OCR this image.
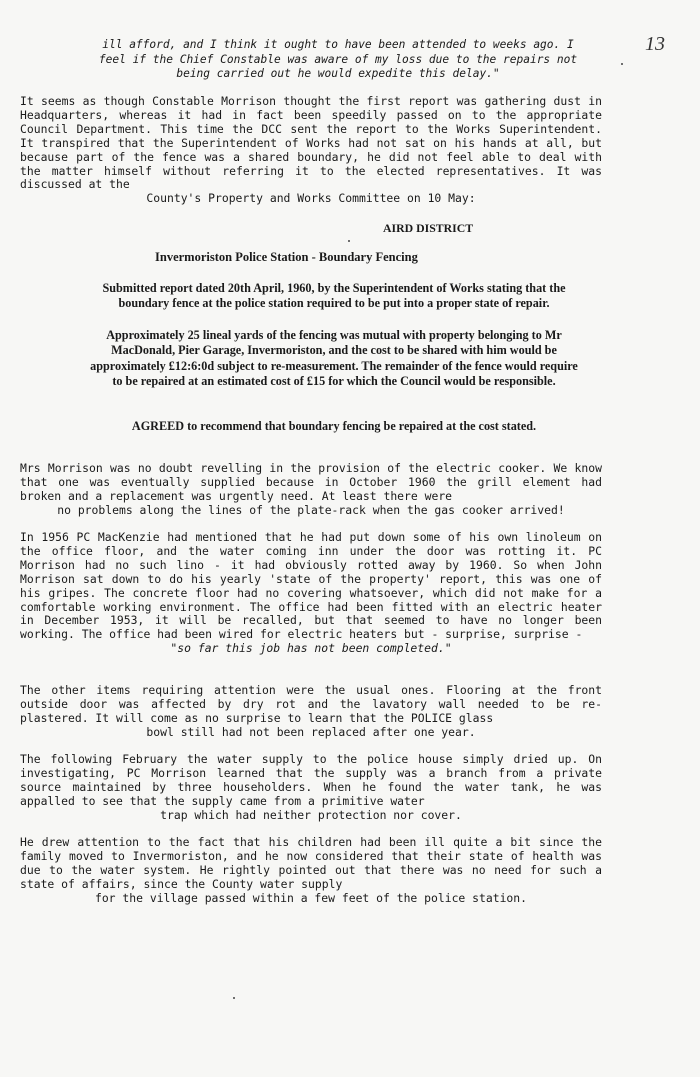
13
ill afford, and I think it ought to have been attended to weeks ago. I feel if the Chief Constable was aware of my loss due to the repairs not being carried out he would expedite this delay."
It seems as though Constable Morrison thought the first report was gathering dust in Headquarters, whereas it had in fact been speedily passed on to the appropriate Council Department. This time the DCC sent the report to the Works Superintendent. It transpired that the Superintendent of Works had not sat on his hands at all, but because part of the fence was a shared boundary, he did not feel able to deal with the matter himself without referring it to the elected representatives. It was discussed at the
County's Property and Works Committee on 10 May:
AIRD DISTRICT
Invermoriston Police Station - Boundary Fencing
Submitted report dated 20th April, 1960, by the Superintendent of Works stating that the boundary fence at the police station required to be put into a proper state of repair.
Approximately 25 lineal yards of the fencing was mutual with property belonging to Mr MacDonald, Pier Garage, Invermoriston, and the cost to be shared with him would be approximately £12:6:0d subject to re-measurement. The remainder of the fence would require to be repaired at an estimated cost of £15 for which the Council would be responsible.
AGREED to recommend that boundary fencing be repaired at the cost stated.
Mrs Morrison was no doubt revelling in the provision of the electric cooker. We know that one was eventually supplied because in October 1960 the grill element had broken and a replacement was urgently need. At least there were
no problems along the lines of the plate-rack when the gas cooker arrived!
In 1956 PC MacKenzie had mentioned that he had put down some of his own linoleum on the office floor, and the water coming inn under the door was rotting it. PC Morrison had no such lino - it had obviously rotted away by 1960. So when John Morrison sat down to do his yearly 'state of the property' report, this was one of his gripes. The concrete floor had no covering whatsoever, which did not make for a comfortable working environment. The office had been fitted with an electric heater in December 1953, it will be recalled, but that seemed to have no longer been working. The office had been wired for electric heaters but - surprise, surprise -
"so far this job has not been completed."
The other items requiring attention were the usual ones. Flooring at the front outside door was affected by dry rot and the lavatory wall needed to be re-plastered. It will come as no surprise to learn that the POLICE glass
bowl still had not been replaced after one year.
The following February the water supply to the police house simply dried up. On investigating, PC Morrison learned that the supply was a branch from a private source maintained by three householders. When he found the water tank, he was appalled to see that the supply came from a primitive water
trap which had neither protection nor cover.
He drew attention to the fact that his children had been ill quite a bit since the family moved to Invermoriston, and he now considered that their state of health was due to the water system. He rightly pointed out that there was no need for such a state of affairs, since the County water supply
for the village passed within a few feet of the police station.
